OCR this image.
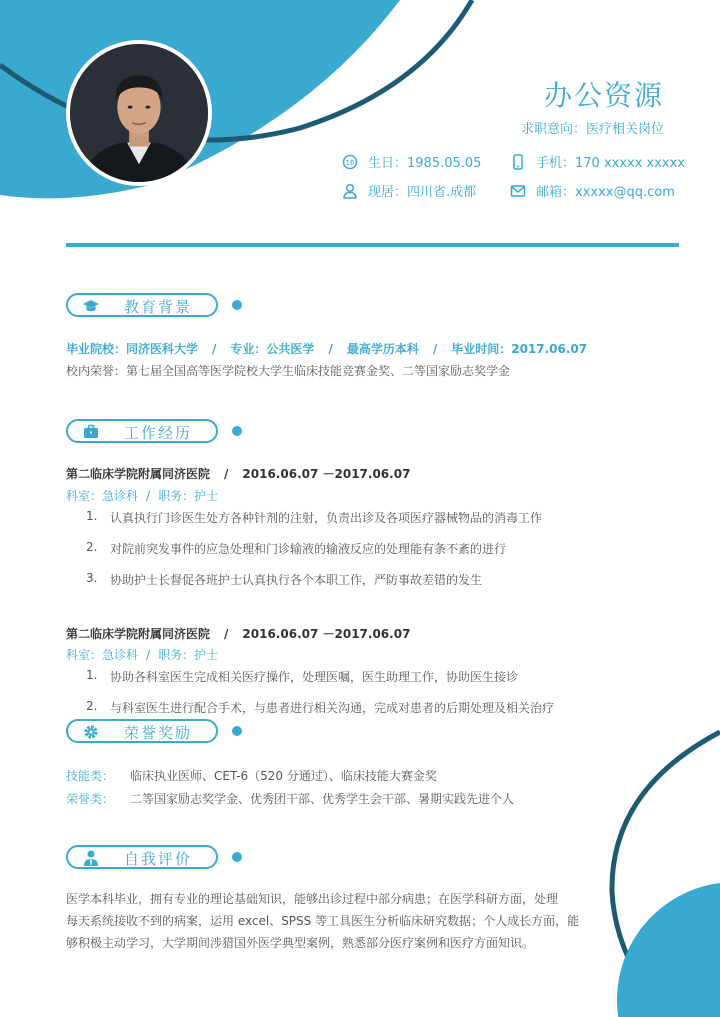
办公资源
求职意向：医疗相关岗位
16 生日：1985.05.05	手机：170 xxxxx xxxxx
现居：四川省.成都	邮箱：xxxxx@qq.com
教育背景
毕业院校：同济医科大学 / 专业：公共医学 / 最高学历本科 / 毕业时间：2017.06.07
校内荣誉：第七届全国高等医学院校大学生临床技能竞赛金奖、二等国家励志奖学金
工作经历
第二临床学院附属同济医院 / 2016.06.07 －2017.06.07
科室：急诊科 / 职务：护士
1. 认真执行门诊医生处方各种针剂的注射，负责出诊及各项医疗器械物品的消毒工作
2. 对院前突发事件的应急处理和门诊输液的输液反应的处理能有条不紊的进行
3. 协助护士长督促各班护士认真执行各个本职工作，严防事故差错的发生
第二临床学院附属同济医院 / 2016.06.07 －2017.06.07
科室：急诊科 / 职务：护士
1. 协助各科室医生完成相关医疗操作，处理医嘱，医生助理工作，协助医生接诊
2. 与科室医生进行配合手术，与患者进行相关沟通，完成对患者的后期处理及相关治疗
荣誉奖励
技能类： 临床执业医师、CET-6（520 分通过）、临床技能大赛金奖
荣誉类： 二等国家励志奖学金、优秀团干部、优秀学生会干部、暑期实践先进个人
自我评价
医学本科毕业，拥有专业的理论基础知识，能够出诊过程中部分病患；在医学科研方面，处理
每天系统接收不到的病案，运用 excel、SPSS 等工具医生分析临床研究数据；个人成长方面，能
够积极主动学习，大学期间涉猎国外医学典型案例，熟悉部分医疗案例和医疗方面知识。
